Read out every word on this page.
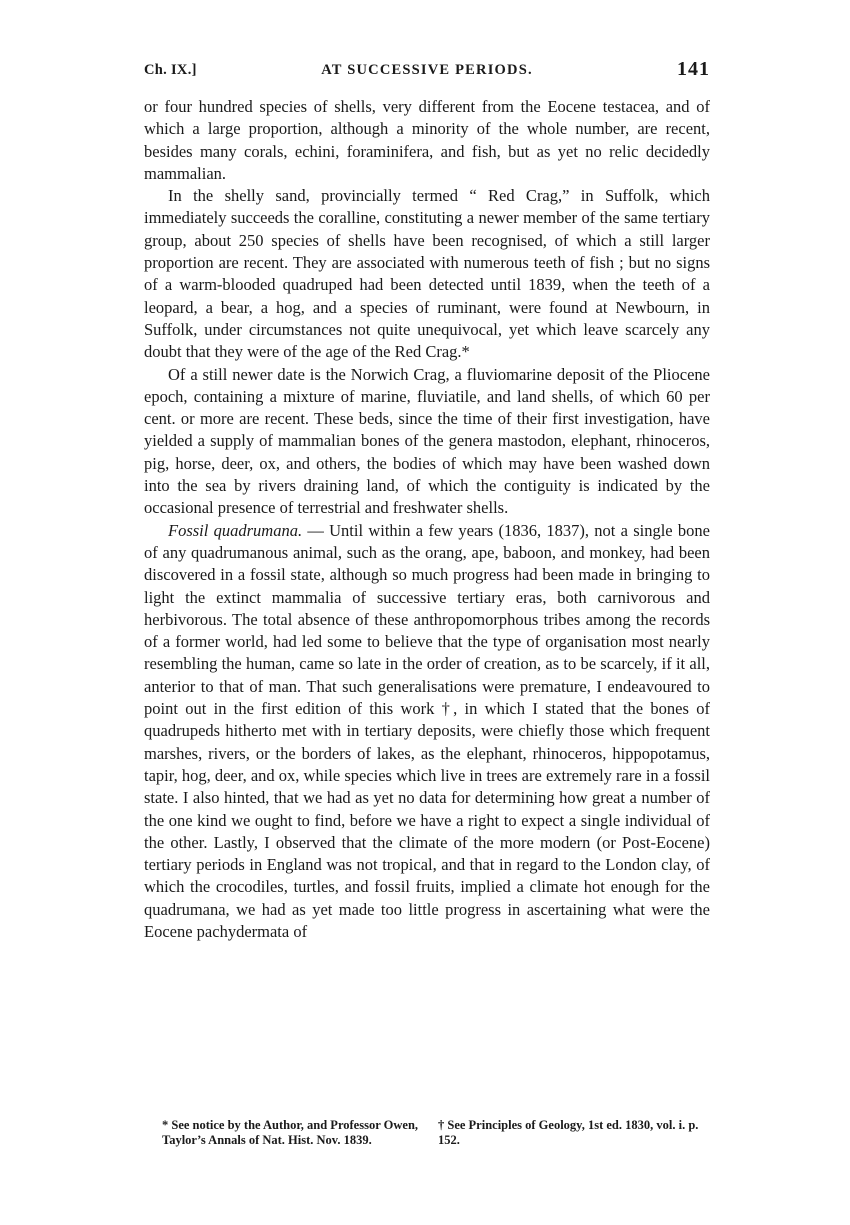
Ch. IX.]	AT SUCCESSIVE PERIODS.	141

or four hundred species of shells, very different from the Eocene testacea, and of which a large proportion, although a minority of the whole number, are recent, besides many corals, echini, foraminifera, and fish, but as yet no relic decidedly mammalian.

In the shelly sand, provincially termed “ Red Crag,” in Suffolk, which immediately succeeds the coralline, constituting a newer member of the same tertiary group, about 250 species of shells have been recognised, of which a still larger proportion are recent. They are associated with numerous teeth of fish ; but no signs of a warm-blooded quadruped had been detected until 1839, when the teeth of a leopard, a bear, a hog, and a species of ruminant, were found at Newbourn, in Suffolk, under circumstances not quite unequivocal, yet which leave scarcely any doubt that they were of the age of the Red Crag.*

Of a still newer date is the Norwich Crag, a fluviomarine deposit of the Pliocene epoch, containing a mixture of marine, fluviatile, and land shells, of which 60 per cent. or more are recent. These beds, since the time of their first investigation, have yielded a supply of mammalian bones of the genera mastodon, elephant, rhinoceros, pig, horse, deer, ox, and others, the bodies of which may have been washed down into the sea by rivers draining land, of which the contiguity is indicated by the occasional presence of terrestrial and freshwater shells.

Fossil quadrumana. — Until within a few years (1836, 1837), not a single bone of any quadrumanous animal, such as the orang, ape, baboon, and monkey, had been discovered in a fossil state, although so much progress had been made in bringing to light the extinct mammalia of successive tertiary eras, both carnivorous and herbivorous. The total absence of these anthropomorphous tribes among the records of a former world, had led some to believe that the type of organisation most nearly resembling the human, came so late in the order of creation, as to be scarcely, if it all, anterior to that of man. That such generalisations were premature, I endeavoured to point out in the first edition of this work †, in which I stated that the bones of quadrupeds hitherto met with in tertiary deposits, were chiefly those which frequent marshes, rivers, or the borders of lakes, as the elephant, rhinoceros, hippopotamus, tapir, hog, deer, and ox, while species which live in trees are extremely rare in a fossil state. I also hinted, that we had as yet no data for determining how great a number of the one kind we ought to find, before we have a right to expect a single individual of the other. Lastly, I observed that the climate of the more modern (or Post-Eocene) tertiary periods in England was not tropical, and that in regard to the London clay, of which the crocodiles, turtles, and fossil fruits, implied a climate hot enough for the quadrumana, we had as yet made too little progress in ascertaining what were the Eocene pachydermata of

* See notice by the Author, and Professor Owen, Taylor’s Annals of Nat. Hist. Nov. 1839.
† See Principles of Geology, 1st ed. 1830, vol. i. p. 152.
